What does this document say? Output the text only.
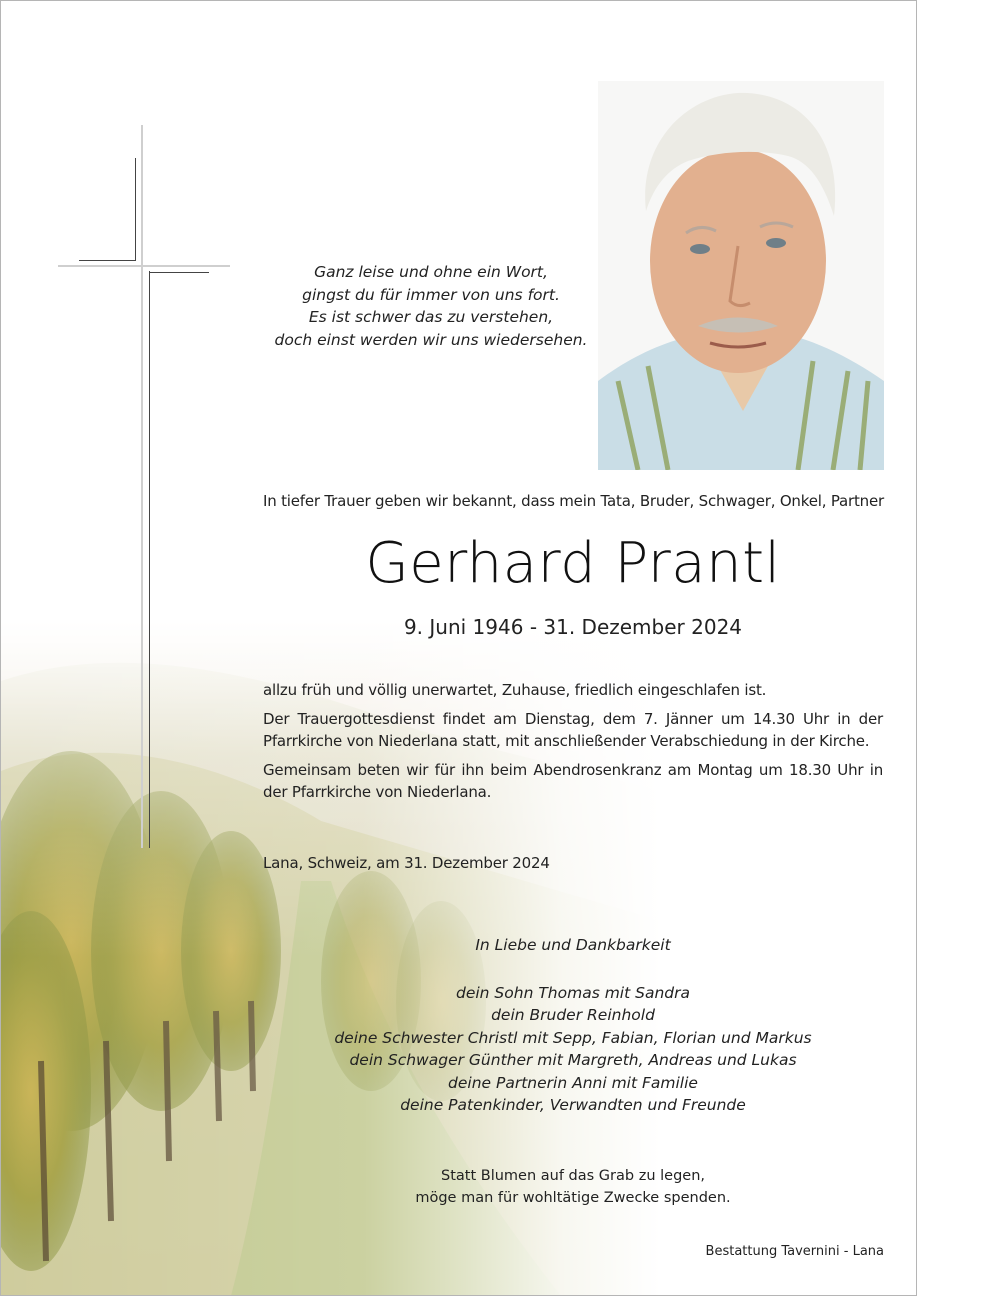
Ganz leise und ohne ein Wort,
gingst du für immer von uns fort.
Es ist schwer das zu verstehen,
doch einst werden wir uns wiedersehen.
In tiefer Trauer geben wir bekannt, dass mein Tata, Bruder, Schwager, Onkel, Partner
Gerhard Prantl
9. Juni 1946 - 31. Dezember 2024

allzu früh und völlig unerwartet, Zuhause, friedlich eingeschlafen ist.

Der Trauergottesdienst findet am Dienstag, dem 7. Jänner um 14.30 Uhr in der Pfarrkirche von Niederlana statt, mit anschließender Verabschiedung in der Kirche.

Gemeinsam beten wir für ihn beim Abendrosenkranz am Montag um 18.30 Uhr in der Pfarrkirche von Niederlana.

Lana, Schweiz, am 31. Dezember 2024
In Liebe und Dankbarkeit
dein Sohn Thomas mit Sandra
dein Bruder Reinhold
deine Schwester Christl mit Sepp, Fabian, Florian und Markus
dein Schwager Günther mit Margreth, Andreas und Lukas
deine Partnerin Anni mit Familie
deine Patenkinder, Verwandten und Freunde
Statt Blumen auf das Grab zu legen,
möge man für wohltätige Zwecke spenden.
Bestattung Tavernini - Lana
